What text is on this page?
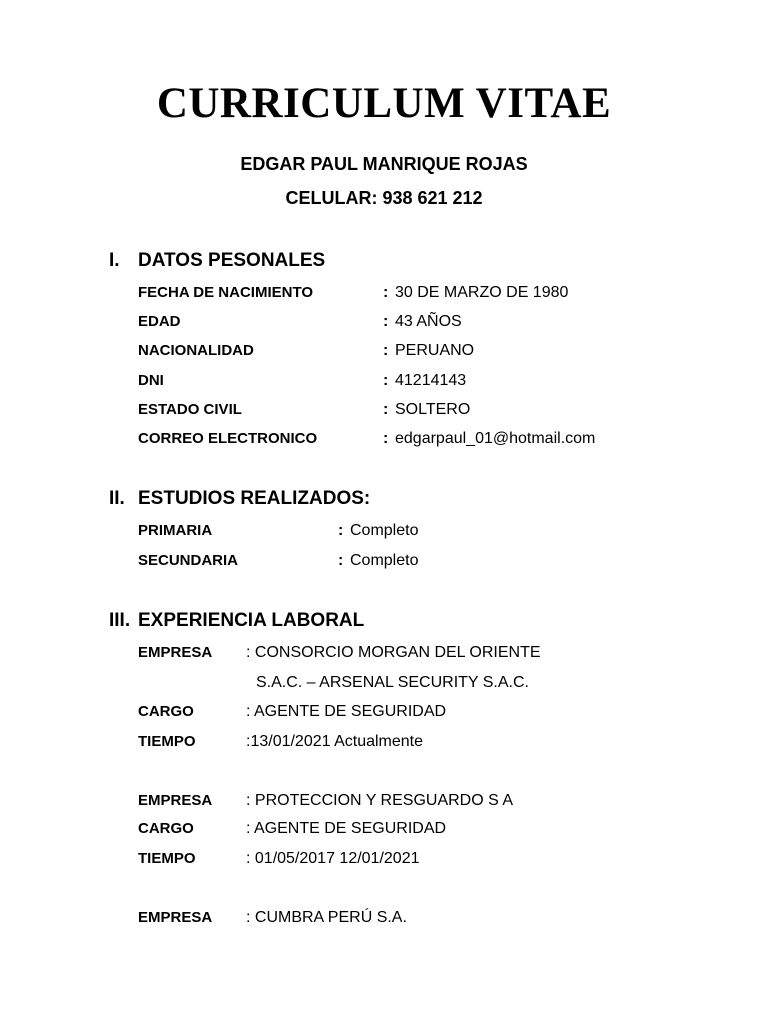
CURRICULUM VITAE

EDGAR PAUL MANRIQUE ROJAS

CELULAR: 938 621 212

I. DATOS PESONALES
FECHA DE NACIMIENTO	: 30 DE MARZO DE 1980
EDAD	: 43 AÑOS
NACIONALIDAD	: PERUANO
DNI	: 41214143
ESTADO CIVIL	: SOLTERO
CORREO ELECTRONICO	: edgarpaul_01@hotmail.com
II. ESTUDIOS REALIZADOS:
PRIMARIA	: Completo
SECUNDARIA	: Completo
III. EXPERIENCIA LABORAL
EMPRESA : CONSORCIO MORGAN DEL ORIENTE
S.A.C. – ARSENAL SECURITY S.A.C.
CARGO	: AGENTE DE SEGURIDAD
TIEMPO	:13/01/2021 Actualmente
EMPRESA : PROTECCION Y RESGUARDO S A
CARGO	: AGENTE DE SEGURIDAD
TIEMPO	: 01/05/2017 12/01/2021
EMPRESA : CUMBRA PERÚ S.A.
